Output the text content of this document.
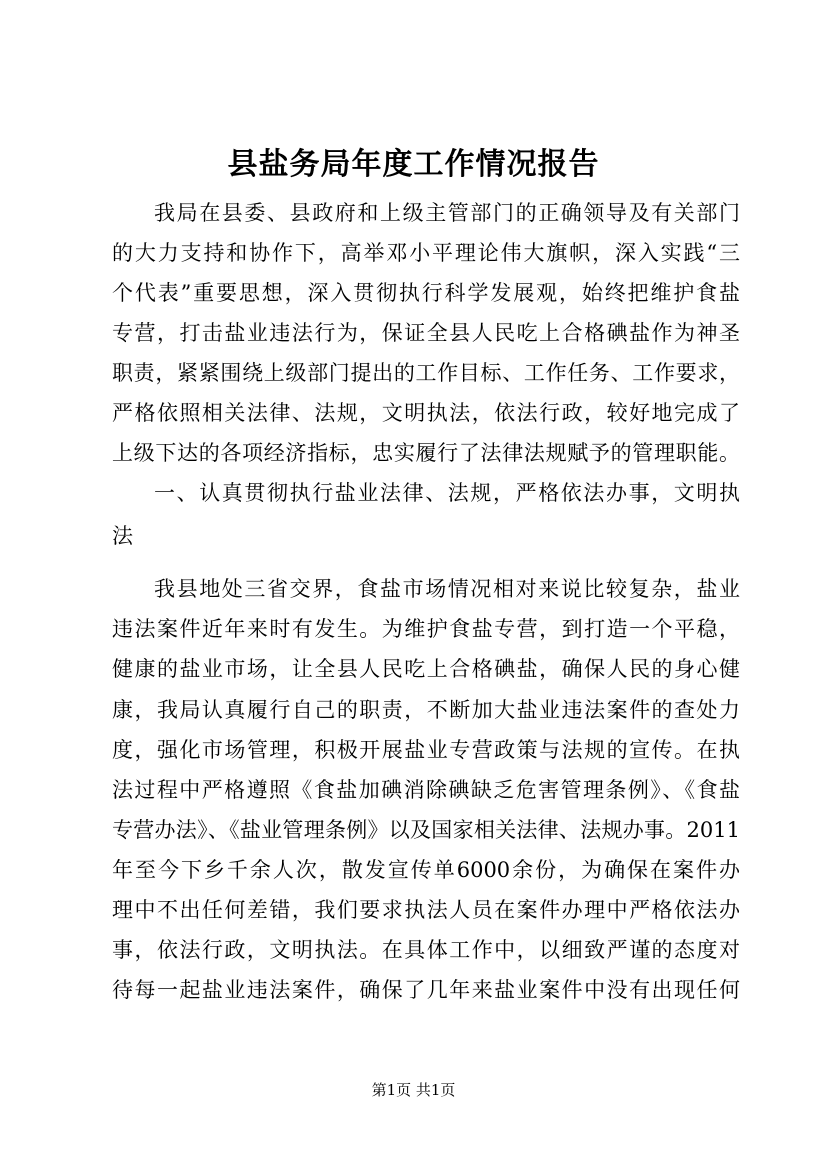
县盐务局年度工作情况报告
我局在县委、县政府和上级主管部门的正确领导及有关部门
的大力支持和协作下，高举邓小平理论伟大旗帜，深入实践“三
个代表”重要思想，深入贯彻执行科学发展观，始终把维护食盐
专营，打击盐业违法行为，保证全县人民吃上合格碘盐作为神圣
职责，紧紧围绕上级部门提出的工作目标、工作任务、工作要求，
严格依照相关法律、法规，文明执法，依法行政，较好地完成了
上级下达的各项经济指标，忠实履行了法律法规赋予的管理职能。
一、认真贯彻执行盐业法律、法规，严格依法办事，文明执
法
我县地处三省交界，食盐市场情况相对来说比较复杂，盐业
违法案件近年来时有发生。为维护食盐专营，到打造一个平稳，
健康的盐业市场，让全县人民吃上合格碘盐，确保人民的身心健
康，我局认真履行自己的职责，不断加大盐业违法案件的查处力
度，强化市场管理，积极开展盐业专营政策与法规的宣传。在执
法过程中严格遵照《食盐加碘消除碘缺乏危害管理条例》、《食盐
专营办法》、《盐业管理条例》以及国家相关法律、法规办事。2011
年至今下乡千余人次，散发宣传单6000余份，为确保在案件办
理中不出任何差错，我们要求执法人员在案件办理中严格依法办
事，依法行政，文明执法。在具体工作中，以细致严谨的态度对
待每一起盐业违法案件，确保了几年来盐业案件中没有出现任何
第1页 共1页
